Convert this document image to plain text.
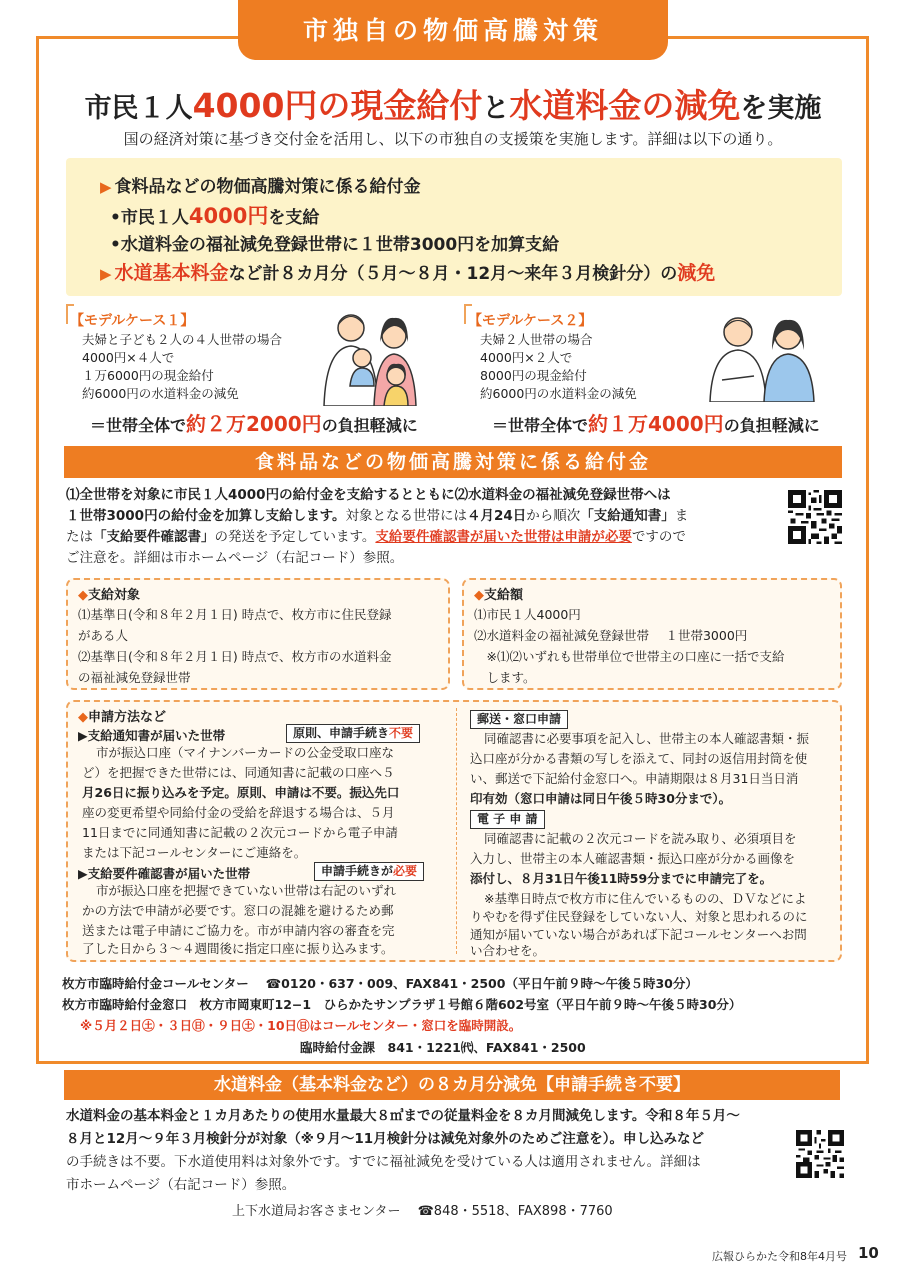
市独自の物価高騰対策
市民１人4000円の現金給付と水道料金の減免を実施
国の経済対策に基づき交付金を活用し、以下の市独自の支援策を実施します。詳細は以下の通り。
▶ 食料品などの物価高騰対策に係る給付金
•市民１人4000円を支給
•水道料金の福祉減免登録世帯に１世帯3000円を加算支給
▶ 水道基本料金など計８カ月分（５月～８月・12月～来年３月検針分）の減免
【モデルケース１】
夫婦と子ども２人の４人世帯の場合
4000円×４人で
１万6000円の現金給付
約6000円の水道料金の減免
＝世帯全体で約２万2000円の負担軽減に
【モデルケース２】
夫婦２人世帯の場合
4000円×２人で
8000円の現金給付
約6000円の水道料金の減免
＝世帯全体で約１万4000円の負担軽減に
食料品などの物価高騰対策に係る給付金
⑴全世帯を対象に市民１人4000円の給付金を支給するとともに⑵水道料金の福祉減免登録世帯へは
１世帯3000円の給付金を加算し支給します。対象となる世帯には４月24日から順次「支給通知書」ま
たは「支給要件確認書」の発送を予定しています。支給要件確認書が届いた世帯は申請が必要ですので
ご注意を。詳細は市ホームページ（右記コード）参照。
◆支給対象
⑴基準日(令和８年２月１日) 時点で、枚方市に住民登録
がある人
⑵基準日(令和８年２月１日) 時点で、枚方市の水道料金
の福祉減免登録世帯
◆支給額
⑴市民１人4000円
⑵水道料金の福祉減免登録世帯　 １世帯3000円
　※⑴⑵いずれも世帯単位で世帯主の口座に一括で支給
　します。
◆申請方法など
▶支給通知書が届いた世帯	原則、申請手続き不要
市が振込口座（マイナンバーカードの公金受取口座な
ど）を把握できた世帯には、同通知書に記載の口座へ５
月26日に振り込みを予定。原則、申請は不要。振込先口
座の変更希望や同給付金の受給を辞退する場合は、５月
11日までに同通知書に記載の２次元コードから電子申請
または下記コールセンターにご連絡を。
▶支給要件確認書が届いた世帯	申請手続きが必要
市が振込口座を把握できていない世帯は右記のいずれ
かの方法で申請が必要です。窓口の混雑を避けるため郵
送または電子申請にご協力を。市が申請内容の審査を完
了した日から３～４週間後に指定口座に振り込みます。
郵送・窓口申請
同確認書に必要事項を記入し、世帯主の本人確認書類・振
込口座が分かる書類の写しを添えて、同封の返信用封筒を使
い、郵送で下記給付金窓口へ。申請期限は８月31日当日消
印有効（窓口申請は同日午後５時30分まで）。
電 子 申 請
同確認書に記載の２次元コードを読み取り、必須項目を
入力し、世帯主の本人確認書類・振込口座が分かる画像を
添付し、８月31日午後11時59分までに申請完了を。
※基準日時点で枚方市に住んでいるものの、ＤＶなどによ
りやむを得ず住民登録をしていない人、対象と思われるのに
通知が届いていない場合があれば下記コールセンターへお問
い合わせを。
枚方市臨時給付金コールセンター　 ☎0120・637・009、FAX841・2500（平日午前９時～午後５時30分）
枚方市臨時給付金窓口　枚方市岡東町12−1　ひらかたサンプラザ１号館６階602号室（平日午前９時～午後５時30分）
※５月２日㊏・３日㊐・９日㊏・10日㊐はコールセンター・窓口を臨時開設。
臨時給付金課　841・1221㈹、FAX841・2500
水道料金（基本料金など）の８カ月分減免【申請手続き不要】
水道料金の基本料金と１カ月あたりの使用水量最大８㎥までの従量料金を８カ月間減免します。令和８年５月～
８月と12月～９年３月検針分が対象（※９月～11月検針分は減免対象外のためご注意を）。申し込みなど
の手続きは不要。下水道使用料は対象外です。すでに福祉減免を受けている人は適用されません。詳細は
市ホームページ（右記コード）参照。
上下水道局お客さまセンター　 ☎848・5518、FAX898・7760
広報ひらかた令和8年4月号 10
